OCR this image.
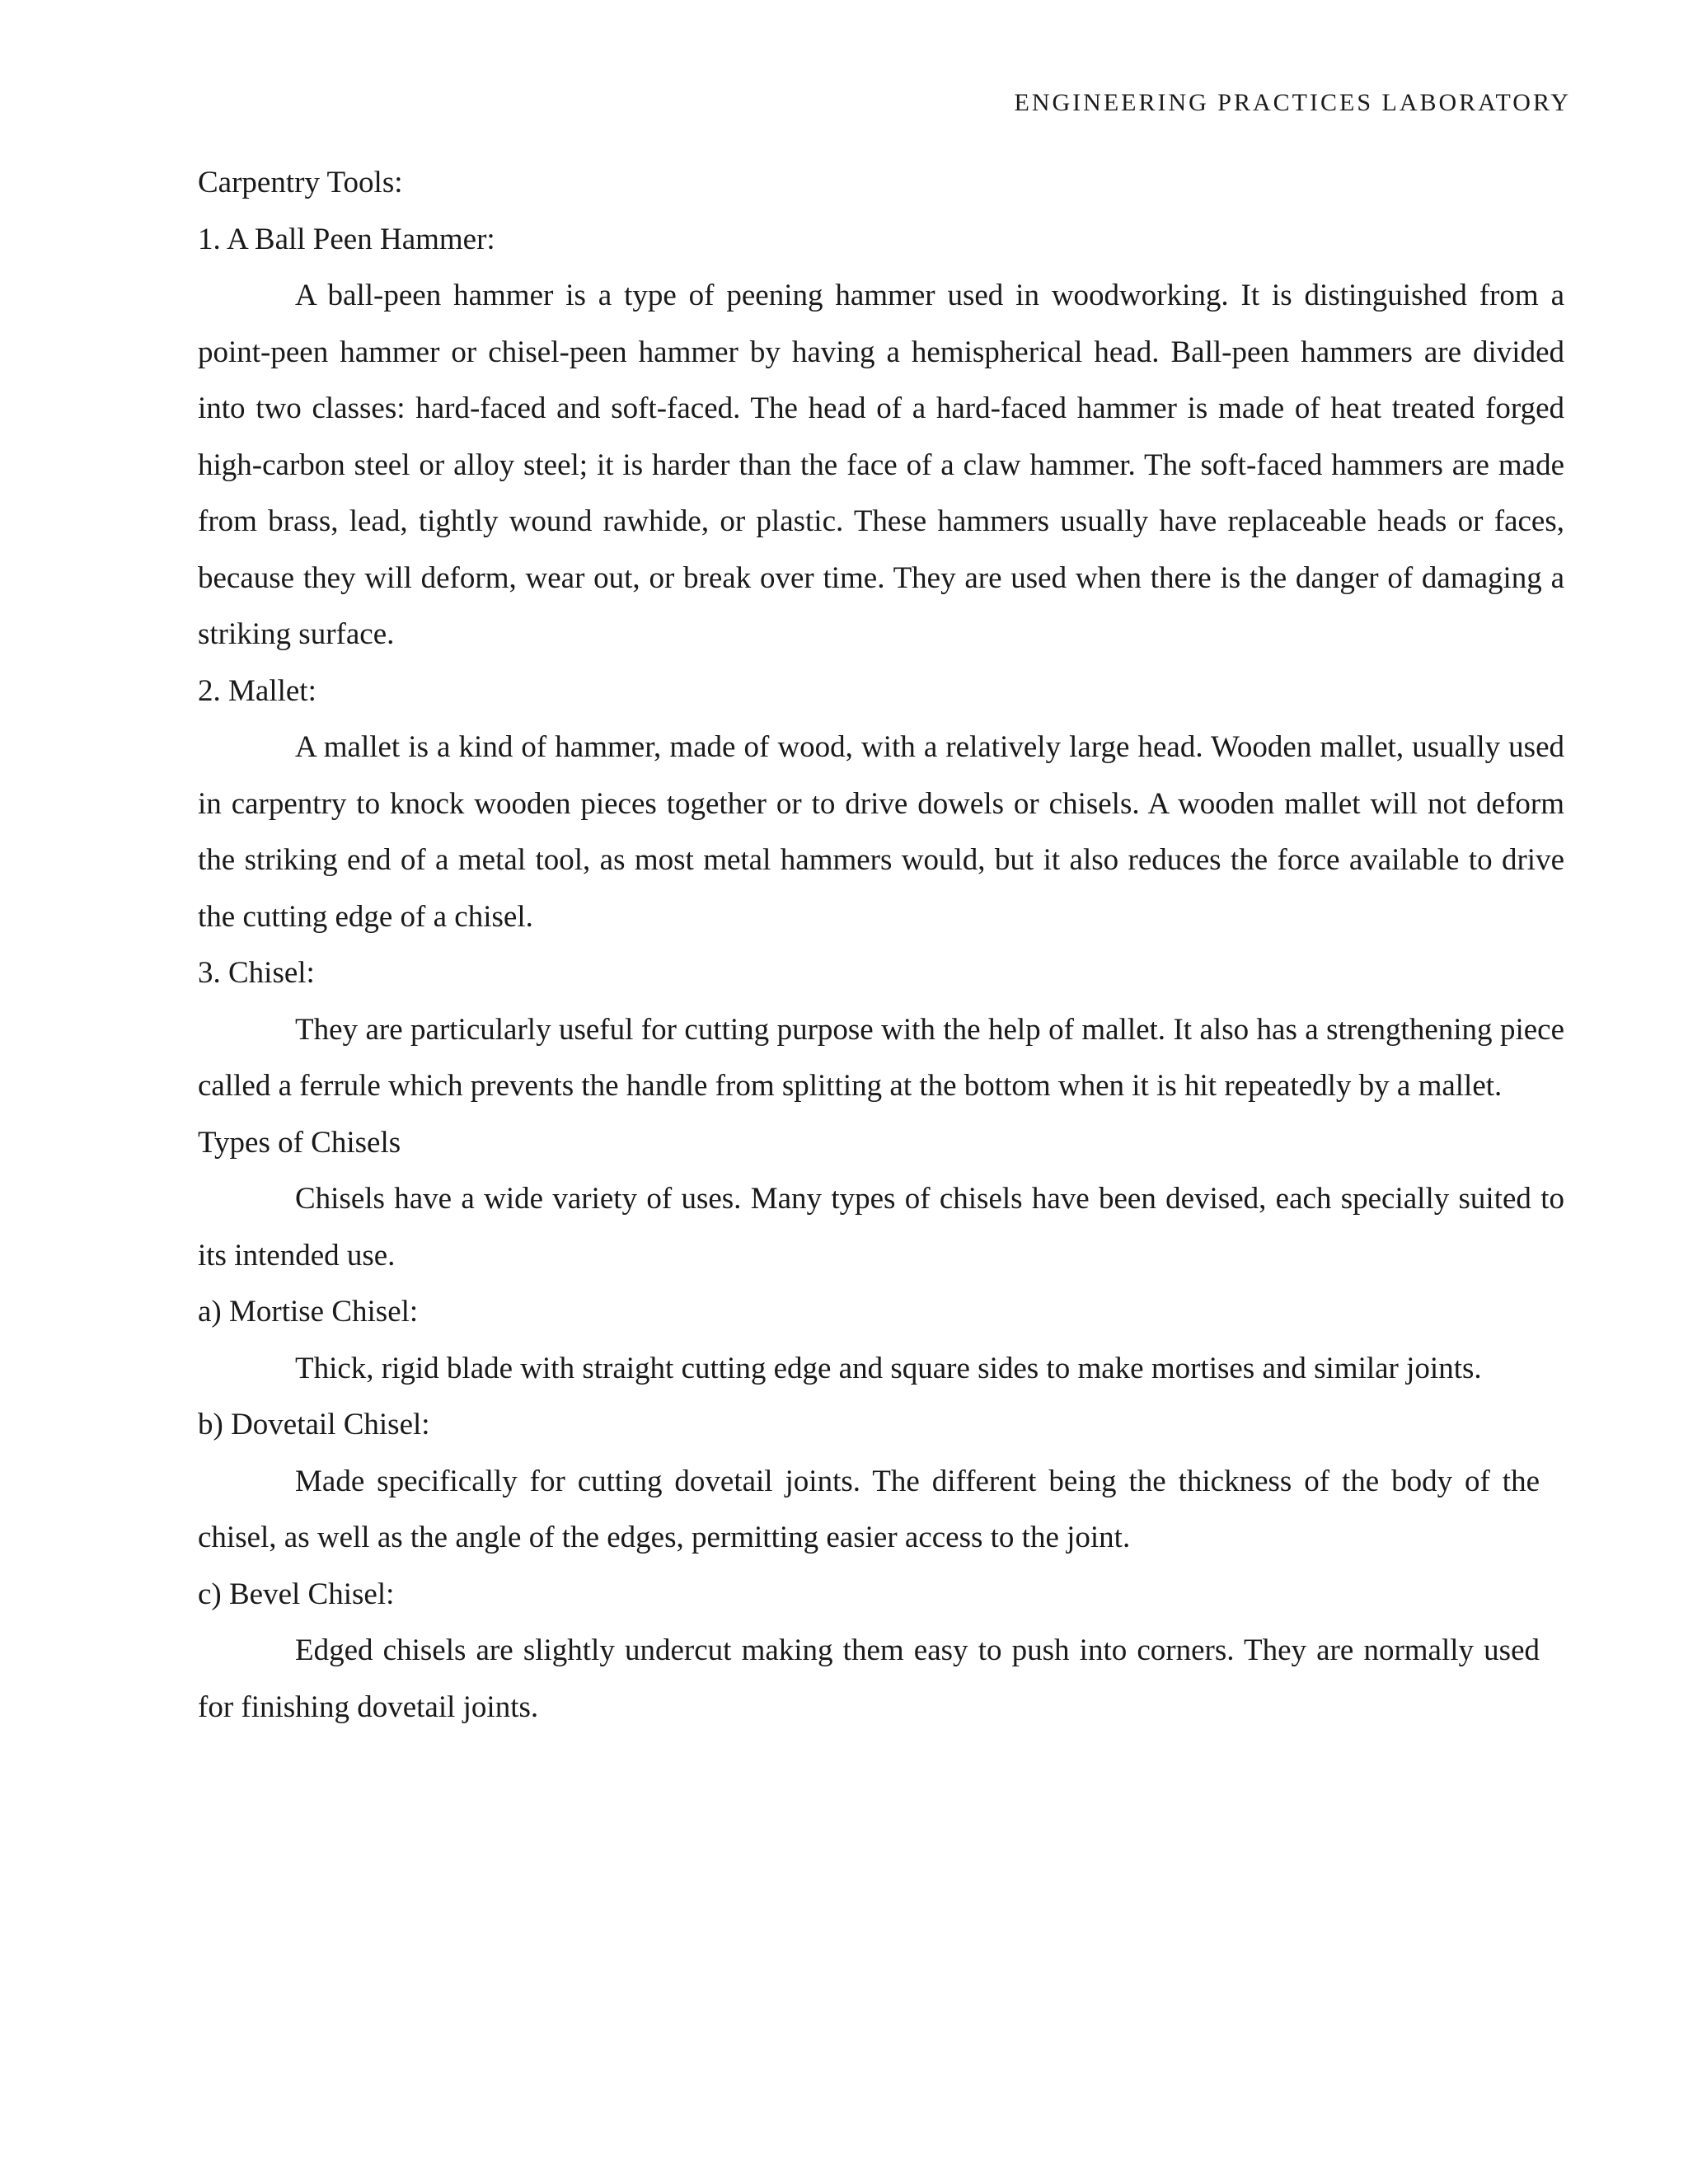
ENGINEERING PRACTICES LABORATORY

Carpentry Tools:

1. A Ball Peen Hammer:

A ball-peen hammer is a type of peening hammer used in woodworking. It is distinguished from a point-peen hammer or chisel-peen hammer by having a hemispherical head. Ball-peen hammers are divided into two classes: hard-faced and soft-faced. The head of a hard-faced hammer is made of heat treated forged high-carbon steel or alloy steel; it is harder than the face of a claw hammer. The soft-faced hammers are made from brass, lead, tightly wound rawhide, or plastic. These hammers usually have replaceable heads or faces, because they will deform, wear out, or break over time. They are used when there is the danger of damaging a striking surface.

2. Mallet:

A mallet is a kind of hammer, made of wood, with a relatively large head. Wooden mallet, usually used in carpentry to knock wooden pieces together or to drive dowels or chisels. A wooden mallet will not deform the striking end of a metal tool, as most metal hammers would, but it also reduces the force available to drive the cutting edge of a chisel.

3. Chisel:

They are particularly useful for cutting purpose with the help of mallet. It also has a strengthening piece called a ferrule which prevents the handle from splitting at the bottom when it is hit repeatedly by a mallet.

Types of Chisels

Chisels have a wide variety of uses. Many types of chisels have been devised, each specially suited to its intended use.

a) Mortise Chisel:

Thick, rigid blade with straight cutting edge and square sides to make mortises and similar joints.

b) Dovetail Chisel:

Made specifically for cutting dovetail joints. The different being the thickness of the body of the chisel, as well as the angle of the edges, permitting easier access to the joint.

c) Bevel Chisel:

Edged chisels are slightly undercut making them easy to push into corners. They are normally used for finishing dovetail joints.
